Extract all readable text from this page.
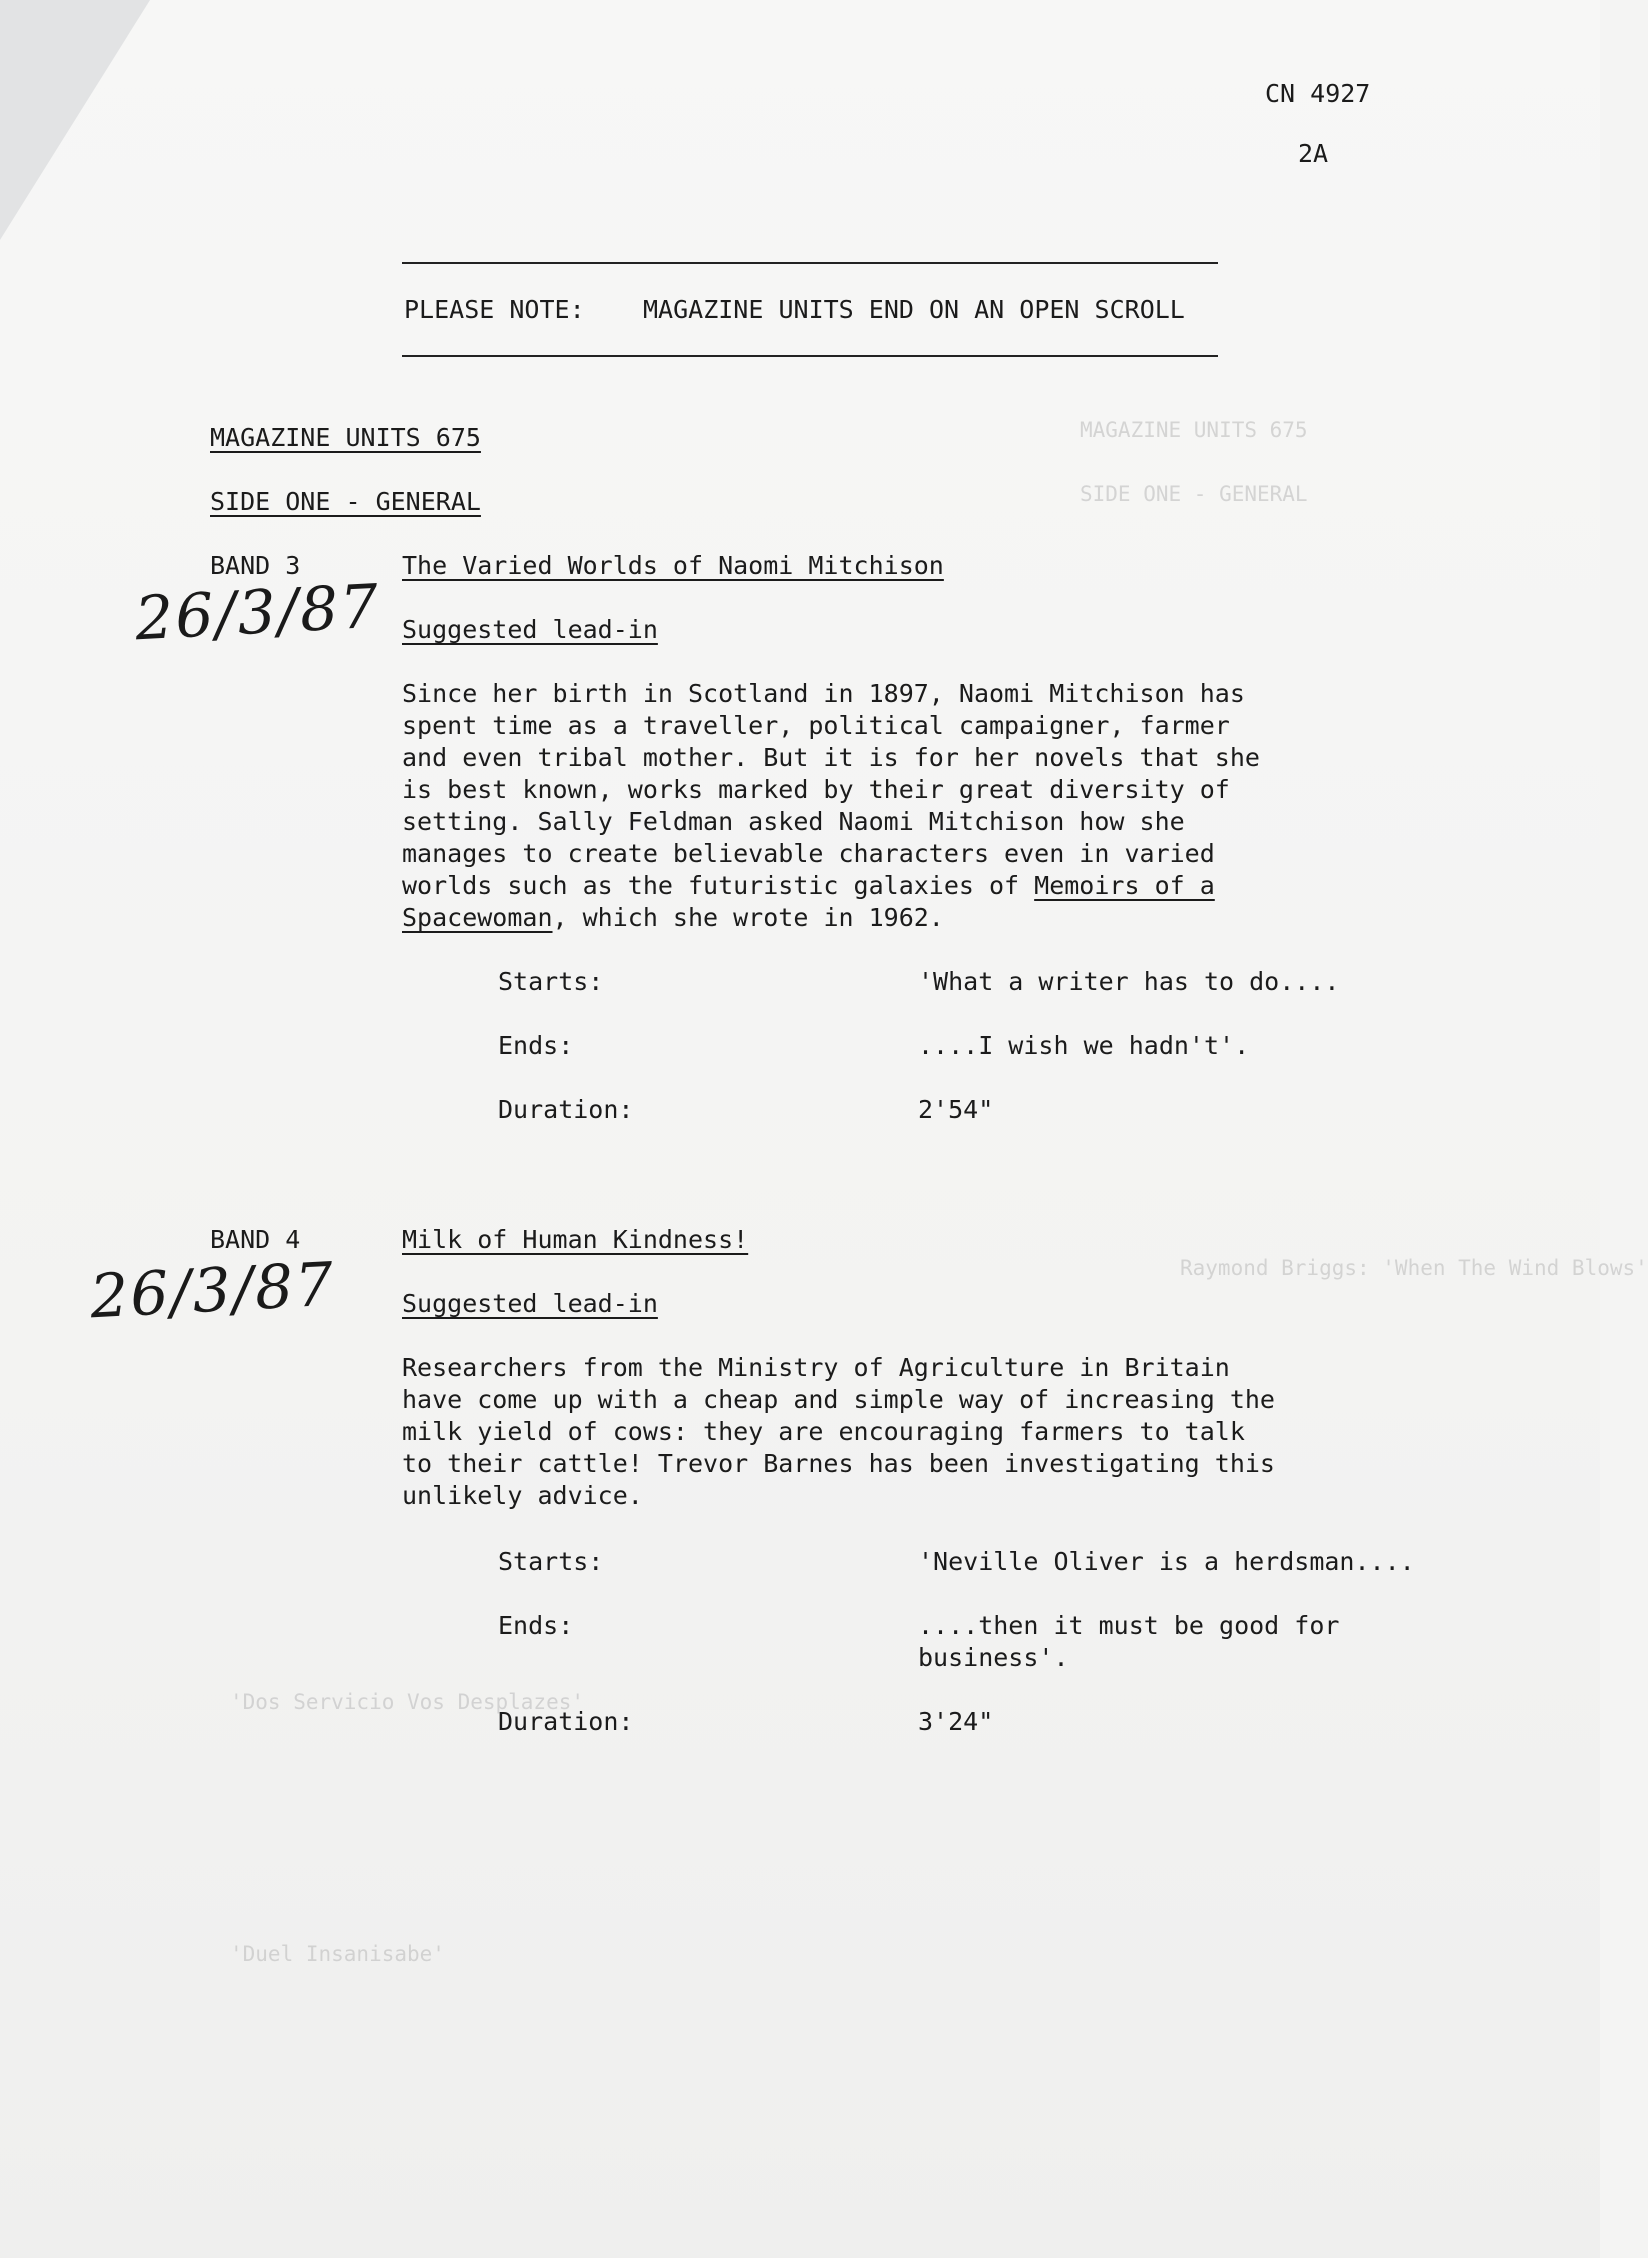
MAGAZINE UNITS 675
SIDE ONE - GENERAL
Raymond Briggs: 'When The Wind Blows'
'Dos Servicio Vos Desplazes'
'Duel Insanisabe'
CN 4927
2A
PLEASE NOTE: MAGAZINE UNITS END ON AN OPEN SCROLL
MAGAZINE UNITS 675
SIDE ONE - GENERAL
BAND 3	The Varied Worlds of Naomi Mitchison
26/3/87 Suggested lead-in
Since her birth in Scotland in 1897, Naomi Mitchison has spent time as a traveller, political campaigner, farmer and even tribal mother. But it is for her novels that she is best known, works marked by their great diversity of setting. Sally Feldman asked Naomi Mitchison how she manages to create believable characters even in varied worlds such as the futuristic galaxies of Memoirs of a Spacewoman, which she wrote in 1962.
Starts:	'What a writer has to do....
Ends:	....I wish we hadn't'.
Duration:	2'54"
BAND 4	Milk of Human Kindness!
26/3/87	Suggested lead-in
Researchers from the Ministry of Agriculture in Britain have come up with a cheap and simple way of increasing the milk yield of cows: they are encouraging farmers to talk to their cattle! Trevor Barnes has been investigating this unlikely advice.
Starts:	'Neville Oliver is a herdsman....
Ends:	....then it must be good for business'.
Duration:	3'24"
